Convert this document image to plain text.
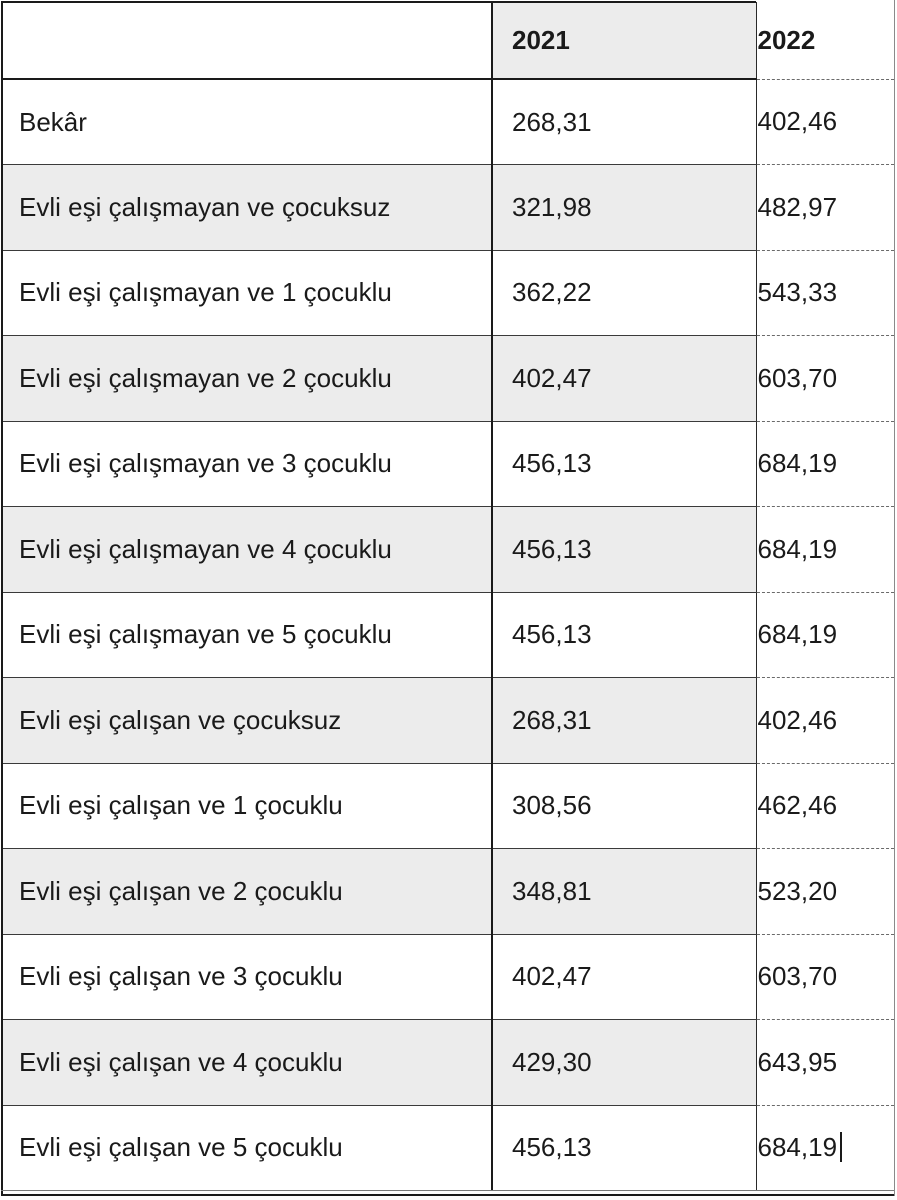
	2021	2022
Bekâr	268,31	402,46
Evli eşi çalışmayan ve çocuksuz	321,98	482,97
Evli eşi çalışmayan ve 1 çocuklu	362,22	543,33
Evli eşi çalışmayan ve 2 çocuklu	402,47	603,70
Evli eşi çalışmayan ve 3 çocuklu	456,13	684,19
Evli eşi çalışmayan ve 4 çocuklu	456,13	684,19
Evli eşi çalışmayan ve 5 çocuklu	456,13	684,19
Evli eşi çalışan ve çocuksuz	268,31	402,46
Evli eşi çalışan ve 1 çocuklu	308,56	462,46
Evli eşi çalışan ve 2 çocuklu	348,81	523,20
Evli eşi çalışan ve 3 çocuklu	402,47	603,70
Evli eşi çalışan ve 4 çocuklu	429,30	643,95
Evli eşi çalışan ve 5 çocuklu	456,13	684,19
